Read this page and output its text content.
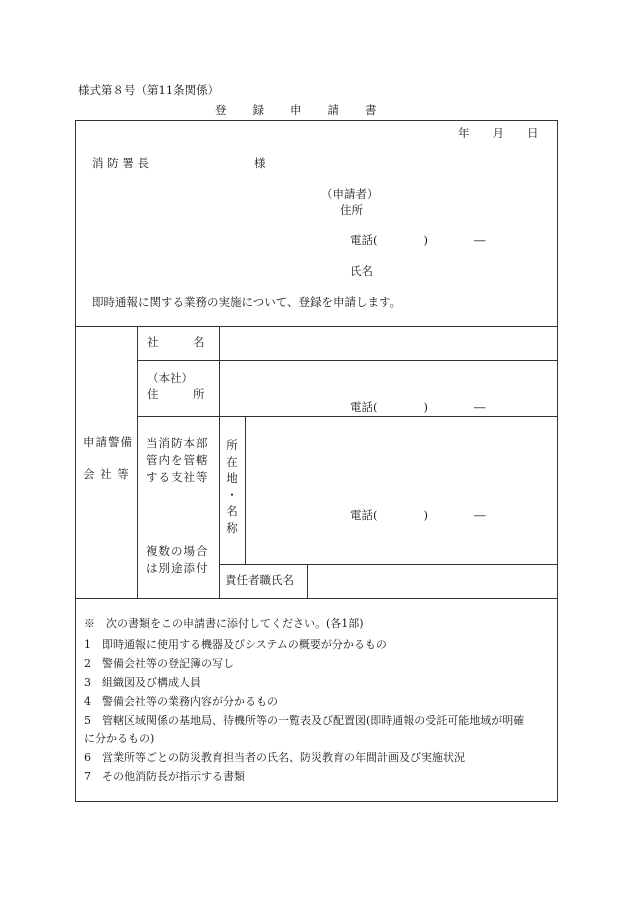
様式第８号（第11条関係）
登　　録　　申　　請　　書
年　　月　　日
消 防 署 長	様
（申請者）
住所
電話(　　　　)　　　　―
氏名
即時通報に関する業務の実施について、登録を申請します。
申請警備
会 社 等
社　　　名
（本社）
住　　　所
電話(　　　　)　　　　―
当消防本部
管内を管轄
する支社等
複数の場合
は別途添付
所
在
地
・
名
称
電話(　　　　)　　　　―
責任者職氏名
※　次の書類をこの申請書に添付してください。(各1部)
1　即時通報に使用する機器及びシステムの概要が分かるもの
2　警備会社等の登記簿の写し
3　組織図及び構成人員
4　警備会社等の業務内容が分かるもの
5　管轄区域関係の基地局、待機所等の一覧表及び配置図(即時通報の受託可能地域が明確
に分かるもの)
6　営業所等ごとの防災教育担当者の氏名、防災教育の年間計画及び実施状況
7　その他消防長が指示する書類
